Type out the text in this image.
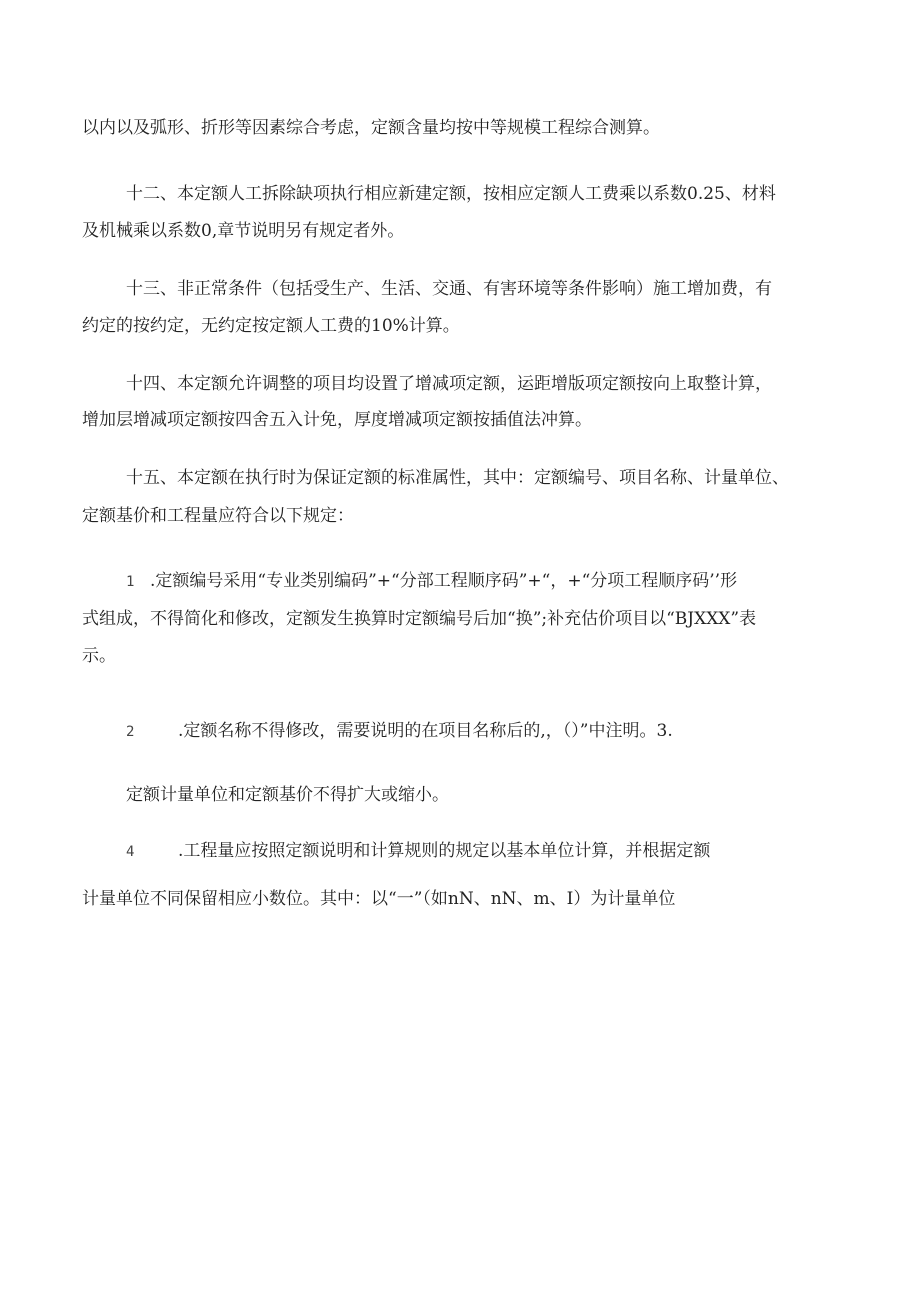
以内以及弧形、折形等因素综合考虑，定额含量均按中等规模工程综合测算。
十二、本定额人工拆除缺项执行相应新建定额，按相应定额人工费乘以系数0.25、材料
及机械乘以系数0,章节说明另有规定者外。
十三、非正常条件（包括受生产、生活、交通、有害环境等条件影响）施工增加费，有
约定的按约定，无约定按定额人工费的10%计算。
十四、本定额允许调整的项目均设置了增减项定额，运距增版项定额按向上取整计算，
增加层增减项定额按四舍五入计免，厚度增减项定额按插值法冲算。
十五、本定额在执行时为保证定额的标准属性，其中：定额编号、项目名称、计量单位、
定额基价和工程量应符合以下规定：
1 .定额编号采用“专业类别编码”+“分部工程顺序码”+“，+“分项工程顺序码’’形
式组成，不得简化和修改，定额发生换算时定额编号后加“换”;补充估价项目以“BJXXX”表
示。
2	.定额名称不得修改，需要说明的在项目名称后的,，（）”中注明。3.
定额计量单位和定额基价不得扩大或缩小。
4	.工程量应按照定额说明和计算规则的规定以基本单位计算，并根据定额
计量单位不同保留相应小数位。其中：以“一”（如nN、nN、m、I）为计量单位
